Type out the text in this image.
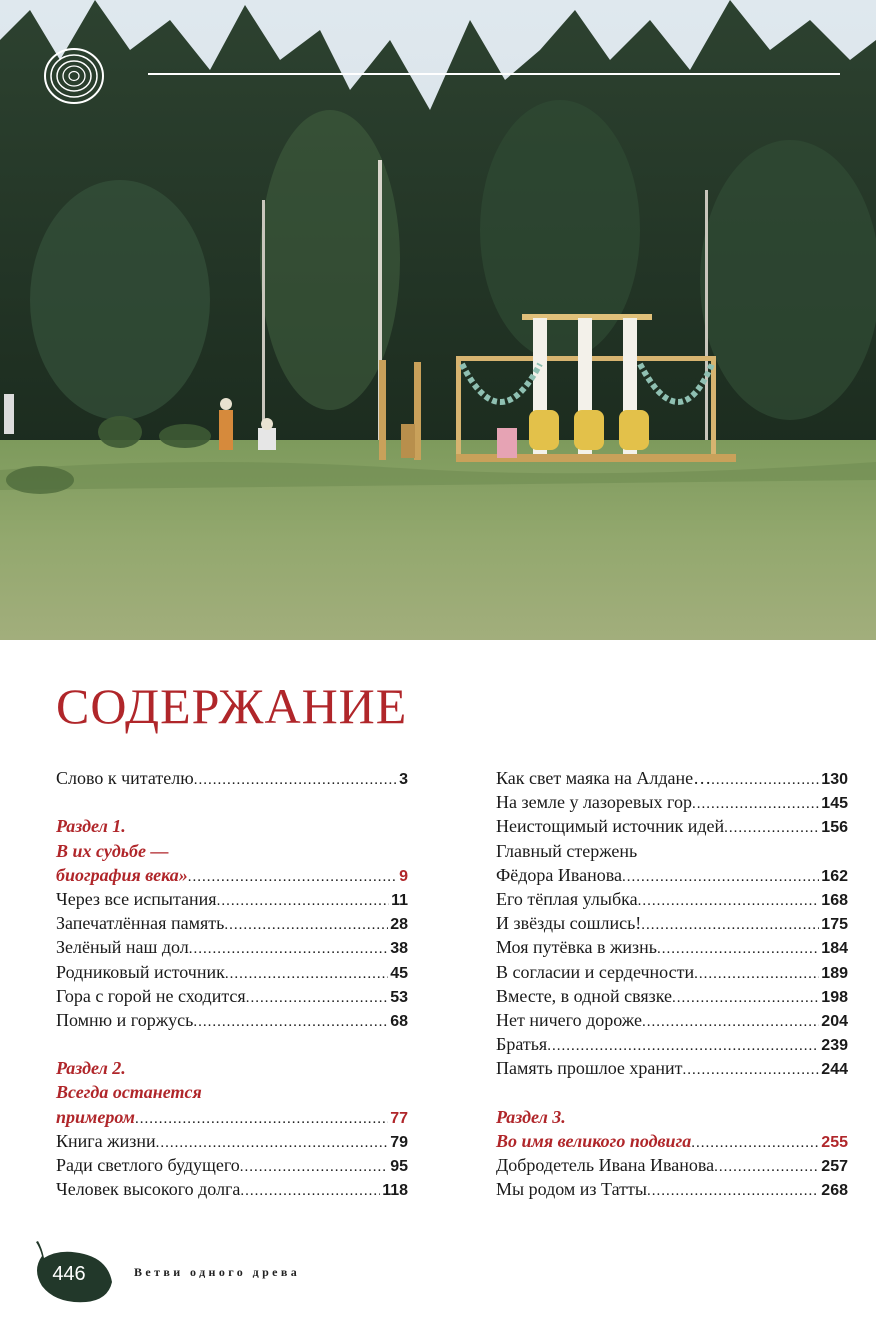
СОДЕРЖАНИЕ
Слово к читателю .....	3
Раздел 1.
В их судьбе —
биография века» .....	9
Через все испытания .....	11
Запечатлённая память .....	28
Зелёный наш дол .....	38
Родниковый источник .....	45
Гора с горой не сходится .....	53
Помню и горжусь .....	68
Раздел 2.
Всегда останется
примером .....	77
Книга жизни .....	79
Ради светлого будущего .....	95
Человек высокого долга .....	118
Как свет маяка на Алдане… .....	130
На земле у лазоревых гор .....	145
Неистощимый источник идей .....	156
Главный стержень
Фёдора Иванова .....	162
Его тёплая улыбка .....	168
И звёзды сошлись! .....	175
Моя путёвка в жизнь .....	184
В согласии и сердечности .....	189
Вместе, в одной связке .....	198
Нет ничего дороже .....	204
Братья .....	239
Память прошлое хранит .....	244
Раздел 3.
Во имя великого подвига .....	255
Добродетель Ивана Иванова .....	257
Мы родом из Татты .....	268
446	Ветви одного древа
